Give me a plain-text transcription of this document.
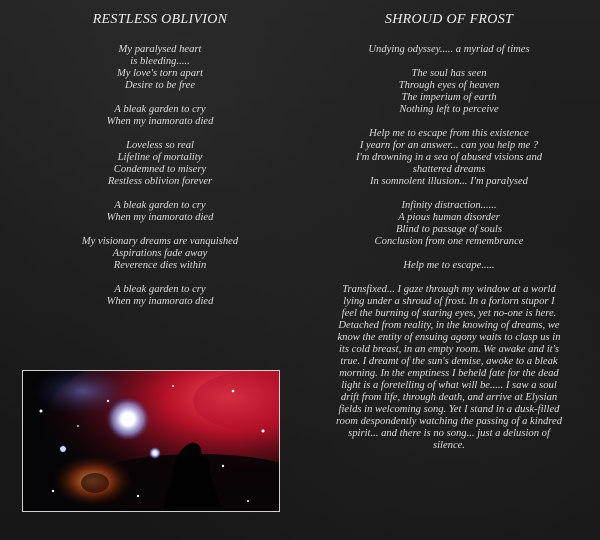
RESTLESS OBLIVION
My paralysed heart
is bleeding.....
My love's torn apart
Desire to be free
A bleak garden to cry
When my inamorato died
Loveless so real
Lifeline of mortality
Condemned to misery
Restless oblivion forever
A bleak garden to cry
When my inamorato died
My visionary dreams are vanquished
Aspirations fade away
Reverence dies within
A bleak garden to cry
When my inamorato died
SHROUD OF FROST
Undying odyssey..... a myriad of times
The soul has seen
Through eyes of heaven
The imperium of earth
Nothing left to perceive
Help me to escape from this existence
I yearn for an answer... can you help me ?
I'm drowning in a sea of abused visions and
shattered dreams
In somnolent illusion... I'm paralysed
Infinity distraction......
A pious human disorder
Blind to passage of souls
Conclusion from one remembrance
Help me to escape.....
Transfixed... I gaze through my window at a world
lying under a shroud of frost. In a forlorn stupor I
feel the burning of staring eyes, yet no-one is here.
Detached from reality, in the knowing of dreams, we
know the entity of ensuing agony waits to clasp us in
its cold breast, in an empty room. We awake and it's
true. I dreamt of the sun's demise, awoke to a bleak
morning. In the emptiness I beheld fate for the dead
light is a foretelling of what will be..... I saw a soul
drift from life, through death, and arrive at Elysian
fields in welcoming song. Yet I stand in a dusk-filled
room despondently watching the passing of a kindred
spirit... and there is no song... just a delusion of
silence.
